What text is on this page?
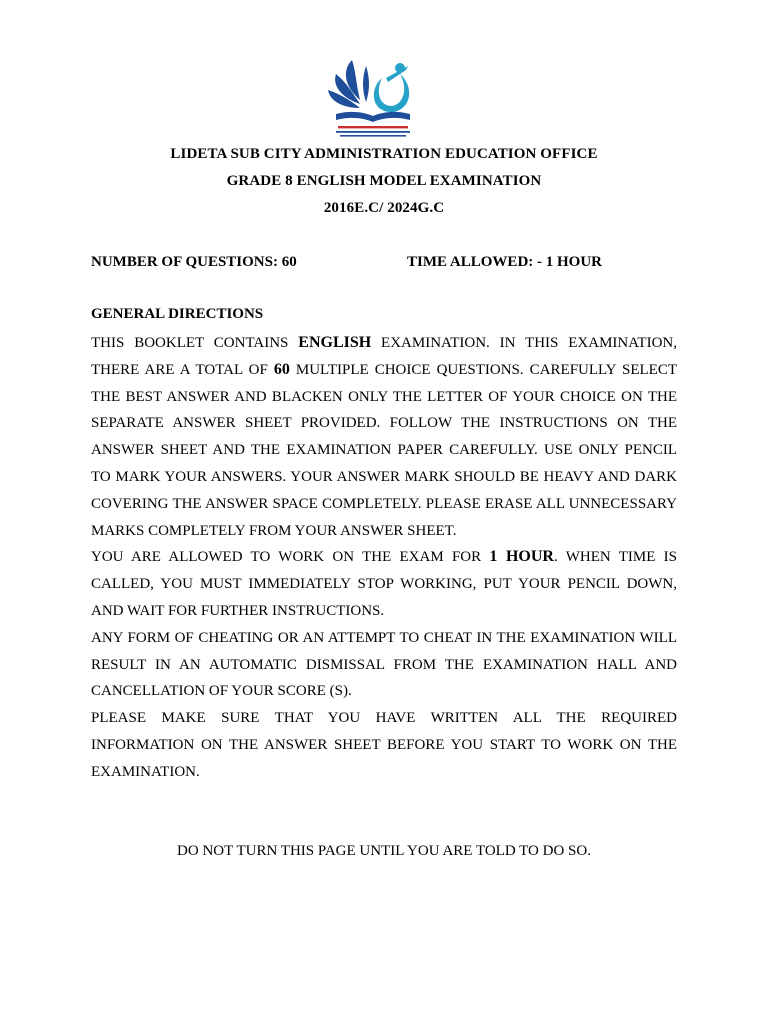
LIDETA SUB CITY ADMINISTRATION EDUCATION OFFICE
GRADE 8 ENGLISH MODEL EXAMINATION
2016E.C/ 2024G.C
NUMBER OF QUESTIONS: 60	TIME ALLOWED: - 1 HOUR
GENERAL DIRECTIONS

THIS BOOKLET CONTAINS ENGLISH EXAMINATION. IN THIS EXAMINATION, THERE ARE A TOTAL OF 60 MULTIPLE CHOICE QUESTIONS. CAREFULLY SELECT THE BEST ANSWER AND BLACKEN ONLY THE LETTER OF YOUR CHOICE ON THE SEPARATE ANSWER SHEET PROVIDED. FOLLOW THE INSTRUCTIONS ON THE ANSWER SHEET AND THE EXAMINATION PAPER CAREFULLY. USE ONLY PENCIL TO MARK YOUR ANSWERS. YOUR ANSWER MARK SHOULD BE HEAVY AND DARK COVERING THE ANSWER SPACE COMPLETELY. PLEASE ERASE ALL UNNECESSARY MARKS COMPLETELY FROM YOUR ANSWER SHEET.

YOU ARE ALLOWED TO WORK ON THE EXAM FOR 1 HOUR. WHEN TIME IS CALLED, YOU MUST IMMEDIATELY STOP WORKING, PUT YOUR PENCIL DOWN, AND WAIT FOR FURTHER INSTRUCTIONS.

ANY FORM OF CHEATING OR AN ATTEMPT TO CHEAT IN THE EXAMINATION WILL RESULT IN AN AUTOMATIC DISMISSAL FROM THE EXAMINATION HALL AND CANCELLATION OF YOUR SCORE (S).

PLEASE MAKE SURE THAT YOU HAVE WRITTEN ALL THE REQUIRED INFORMATION ON THE ANSWER SHEET BEFORE YOU START TO WORK ON THE EXAMINATION.

DO NOT TURN THIS PAGE UNTIL YOU ARE TOLD TO DO SO.
